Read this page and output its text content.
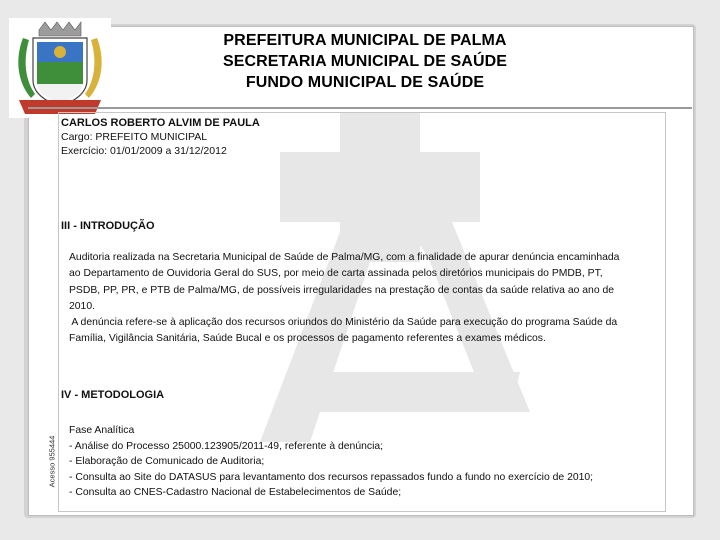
PREFEITURA MUNICIPAL DE PALMA
SECRETARIA MUNICIPAL DE SAÚDE
FUNDO MUNICIPAL DE SAÚDE
CARLOS ROBERTO ALVIM DE PAULA
Cargo: PREFEITO MUNICIPAL
Exercício: 01/01/2009 a 31/12/2012
III - INTRODUÇÃO
Auditoria realizada na Secretaria Municipal de Saúde de Palma/MG, com a finalidade de apurar denúncia encaminhada
ao Departamento de Ouvidoria Geral do SUS, por meio de carta assinada pelos diretórios municipais do PMDB, PT,
PSDB, PP, PR, e PTB de Palma/MG, de possíveis irregularidades na prestação de contas da saúde relativa ao ano de
2010.
A denúncia refere-se à aplicação dos recursos oriundos do Ministério da Saúde para execução do programa Saúde da
Família, Vigilância Sanitária, Saúde Bucal e os processos de pagamento referentes a exames médicos.
IV - METODOLOGIA
Fase Analítica
- Análise do Processo 25000.123905/2011-49, referente à denúncia;
- Elaboração de Comunicado de Auditoria;
- Consulta ao Site do DATASUS para levantamento dos recursos repassados fundo a fundo no exercício de 2010;
- Consulta ao CNES-Cadastro Nacional de Estabelecimentos de Saúde;
Acesso 955444
